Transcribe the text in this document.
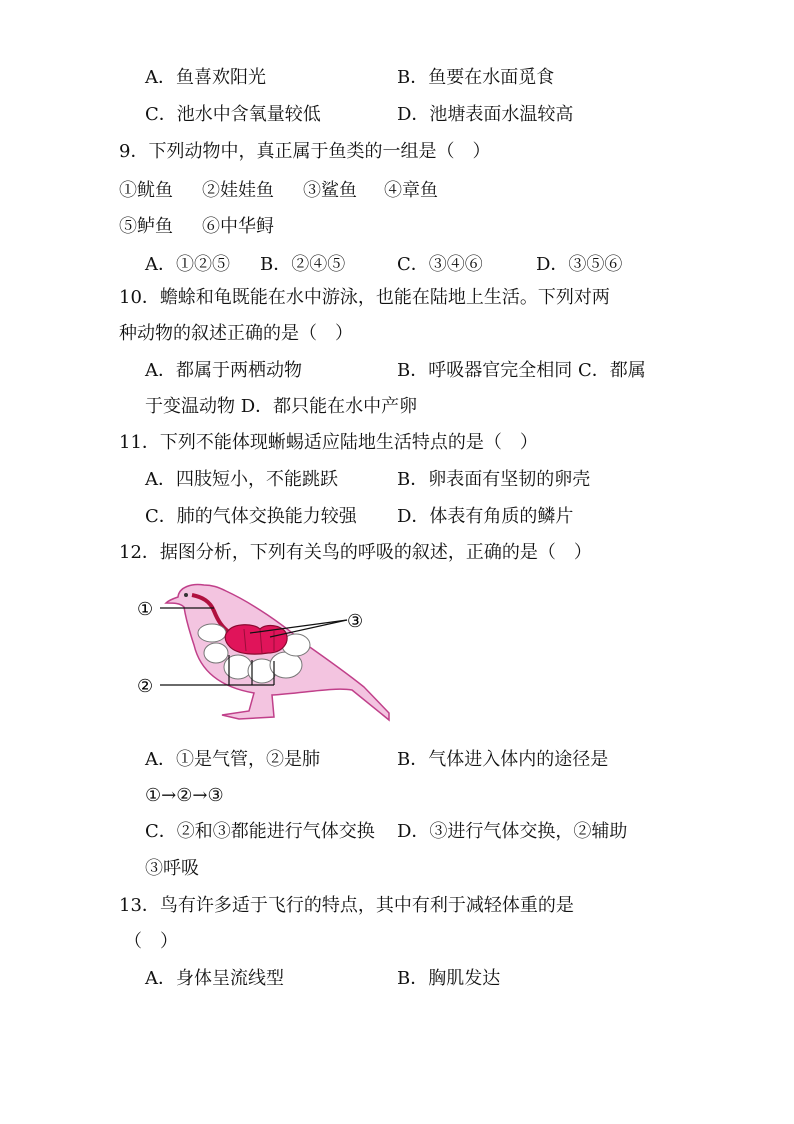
A．鱼喜欢阳光	B．鱼要在水面觅食
C．池水中含氧量较低	D．池塘表面水温较高
9．下列动物中，真正属于鱼类的一组是（　）
①鱿鱼 ②娃娃鱼 ③鲨鱼 ④章鱼
⑤鲈鱼 ⑥中华鲟
A．①②⑤ B．②④⑤	C．③④⑥	D．③⑤⑥
10．蟾蜍和龟既能在水中游泳，也能在陆地上生活。下列对两
种动物的叙述正确的是（　）
A．都属于两栖动物	B．呼吸器官完全相同 C．都属
于变温动物 D．都只能在水中产卵
11．下列不能体现蜥蜴适应陆地生活特点的是（　）
A．四肢短小，不能跳跃	B．卵表面有坚韧的卵壳
C．肺的气体交换能力较强 D．体表有角质的鳞片
12．据图分析，下列有关鸟的呼吸的叙述，正确的是（　）
①
②
③
A．①是气管，②是肺	B．气体进入体内的途径是
①→②→③
C．②和③都能进行气体交换 D．③进行气体交换，②辅助
③呼吸
13．鸟有许多适于飞行的特点，其中有利于减轻体重的是
（　）
A．身体呈流线型	B．胸肌发达
